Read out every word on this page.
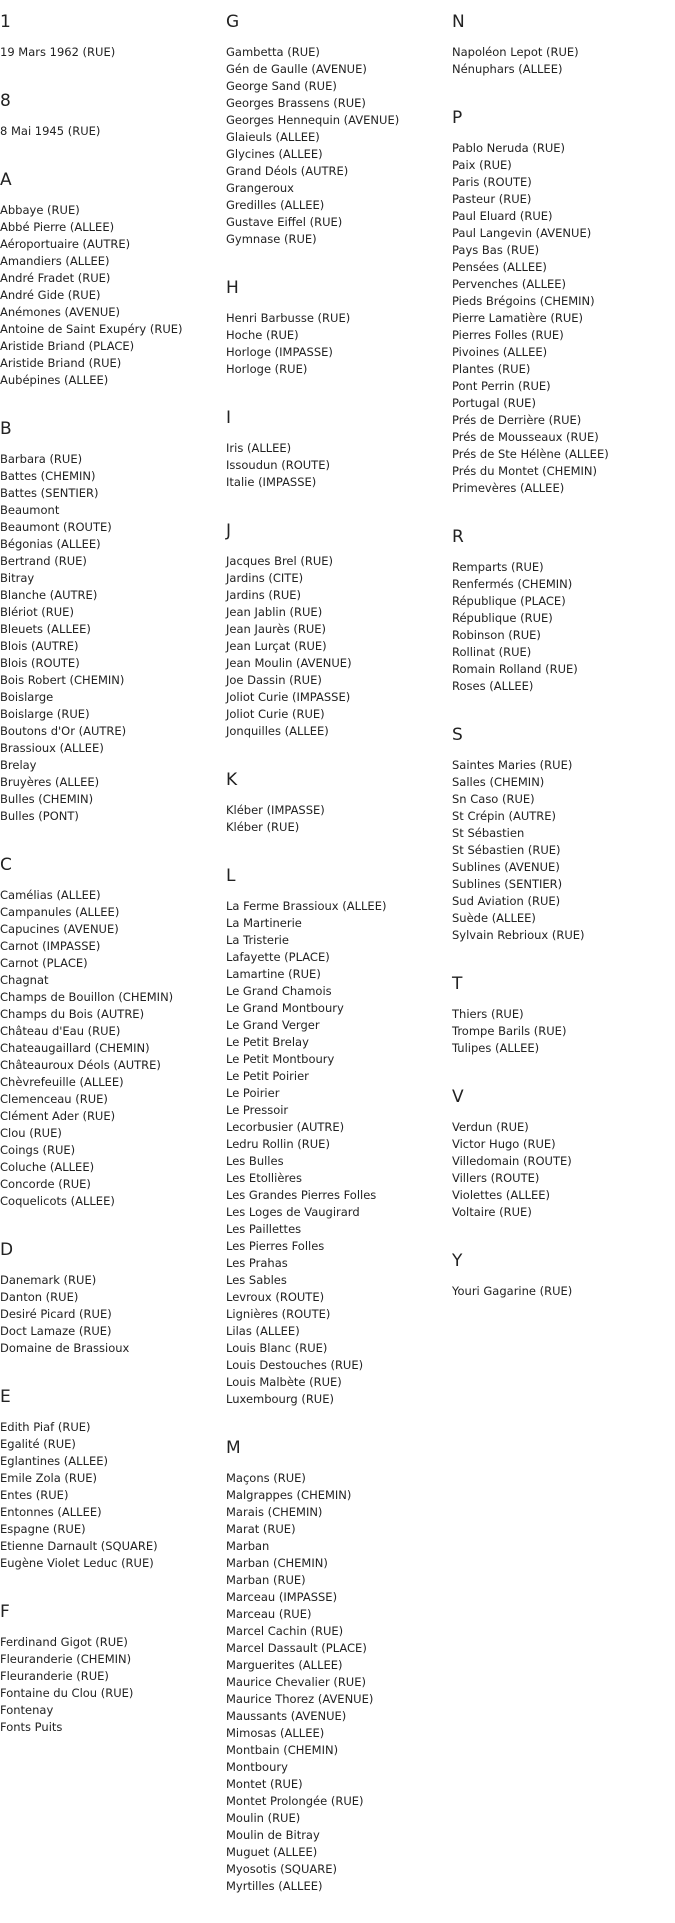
1
19 Mars 1962 (RUE)
8
8 Mai 1945 (RUE)
A
Abbaye (RUE)
Abbé Pierre (ALLEE)
Aéroportuaire (AUTRE)
Amandiers (ALLEE)
André Fradet (RUE)
André Gide (RUE)
Anémones (AVENUE)
Antoine de Saint Exupéry (RUE)
Aristide Briand (PLACE)
Aristide Briand (RUE)
Aubépines (ALLEE)
B
Barbara (RUE)
Battes (CHEMIN)
Battes (SENTIER)
Beaumont
Beaumont (ROUTE)
Bégonias (ALLEE)
Bertrand (RUE)
Bitray
Blanche (AUTRE)
Blériot (RUE)
Bleuets (ALLEE)
Blois (AUTRE)
Blois (ROUTE)
Bois Robert (CHEMIN)
Boislarge
Boislarge (RUE)
Boutons d'Or (AUTRE)
Brassioux (ALLEE)
Brelay
Bruyères (ALLEE)
Bulles (CHEMIN)
Bulles (PONT)
C
Camélias (ALLEE)
Campanules (ALLEE)
Capucines (AVENUE)
Carnot (IMPASSE)
Carnot (PLACE)
Chagnat
Champs de Bouillon (CHEMIN)
Champs du Bois (AUTRE)
Château d'Eau (RUE)
Chateaugaillard (CHEMIN)
Châteauroux Déols (AUTRE)
Chèvrefeuille (ALLEE)
Clemenceau (RUE)
Clément Ader (RUE)
Clou (RUE)
Coings (RUE)
Coluche (ALLEE)
Concorde (RUE)
Coquelicots (ALLEE)
D
Danemark (RUE)
Danton (RUE)
Desiré Picard (RUE)
Doct Lamaze (RUE)
Domaine de Brassioux
E
Edith Piaf (RUE)
Egalité (RUE)
Eglantines (ALLEE)
Emile Zola (RUE)
Entes (RUE)
Entonnes (ALLEE)
Espagne (RUE)
Etienne Darnault (SQUARE)
Eugène Violet Leduc (RUE)
F
Ferdinand Gigot (RUE)
Fleuranderie (CHEMIN)
Fleuranderie (RUE)
Fontaine du Clou (RUE)
Fontenay
Fonts Puits
G
Gambetta (RUE)
Gén de Gaulle (AVENUE)
George Sand (RUE)
Georges Brassens (RUE)
Georges Hennequin (AVENUE)
Glaieuls (ALLEE)
Glycines (ALLEE)
Grand Déols (AUTRE)
Grangeroux
Gredilles (ALLEE)
Gustave Eiffel (RUE)
Gymnase (RUE)
H
Henri Barbusse (RUE)
Hoche (RUE)
Horloge (IMPASSE)
Horloge (RUE)
I
Iris (ALLEE)
Issoudun (ROUTE)
Italie (IMPASSE)
J
Jacques Brel (RUE)
Jardins (CITE)
Jardins (RUE)
Jean Jablin (RUE)
Jean Jaurès (RUE)
Jean Lurçat (RUE)
Jean Moulin (AVENUE)
Joe Dassin (RUE)
Joliot Curie (IMPASSE)
Joliot Curie (RUE)
Jonquilles (ALLEE)
K
Kléber (IMPASSE)
Kléber (RUE)
L
La Ferme Brassioux (ALLEE)
La Martinerie
La Tristerie
Lafayette (PLACE)
Lamartine (RUE)
Le Grand Chamois
Le Grand Montboury
Le Grand Verger
Le Petit Brelay
Le Petit Montboury
Le Petit Poirier
Le Poirier
Le Pressoir
Lecorbusier (AUTRE)
Ledru Rollin (RUE)
Les Bulles
Les Etollières
Les Grandes Pierres Folles
Les Loges de Vaugirard
Les Paillettes
Les Pierres Folles
Les Prahas
Les Sables
Levroux (ROUTE)
Lignières (ROUTE)
Lilas (ALLEE)
Louis Blanc (RUE)
Louis Destouches (RUE)
Louis Malbète (RUE)
Luxembourg (RUE)
M
Maçons (RUE)
Malgrappes (CHEMIN)
Marais (CHEMIN)
Marat (RUE)
Marban
Marban (CHEMIN)
Marban (RUE)
Marceau (IMPASSE)
Marceau (RUE)
Marcel Cachin (RUE)
Marcel Dassault (PLACE)
Marguerites (ALLEE)
Maurice Chevalier (RUE)
Maurice Thorez (AVENUE)
Maussants (AVENUE)
Mimosas (ALLEE)
Montbain (CHEMIN)
Montboury
Montet (RUE)
Montet Prolongée (RUE)
Moulin (RUE)
Moulin de Bitray
Muguet (ALLEE)
Myosotis (SQUARE)
Myrtilles (ALLEE)
N
Napoléon Lepot (RUE)
Nénuphars (ALLEE)
P
Pablo Neruda (RUE)
Paix (RUE)
Paris (ROUTE)
Pasteur (RUE)
Paul Eluard (RUE)
Paul Langevin (AVENUE)
Pays Bas (RUE)
Pensées (ALLEE)
Pervenches (ALLEE)
Pieds Brégoins (CHEMIN)
Pierre Lamatière (RUE)
Pierres Folles (RUE)
Pivoines (ALLEE)
Plantes (RUE)
Pont Perrin (RUE)
Portugal (RUE)
Prés de Derrière (RUE)
Prés de Mousseaux (RUE)
Prés de Ste Hélène (ALLEE)
Prés du Montet (CHEMIN)
Primevères (ALLEE)
R
Remparts (RUE)
Renfermés (CHEMIN)
République (PLACE)
République (RUE)
Robinson (RUE)
Rollinat (RUE)
Romain Rolland (RUE)
Roses (ALLEE)
S
Saintes Maries (RUE)
Salles (CHEMIN)
Sn Caso (RUE)
St Crépin (AUTRE)
St Sébastien
St Sébastien (RUE)
Sublines (AVENUE)
Sublines (SENTIER)
Sud Aviation (RUE)
Suède (ALLEE)
Sylvain Rebrioux (RUE)
T
Thiers (RUE)
Trompe Barils (RUE)
Tulipes (ALLEE)
V
Verdun (RUE)
Victor Hugo (RUE)
Villedomain (ROUTE)
Villers (ROUTE)
Violettes (ALLEE)
Voltaire (RUE)
Y
Youri Gagarine (RUE)
